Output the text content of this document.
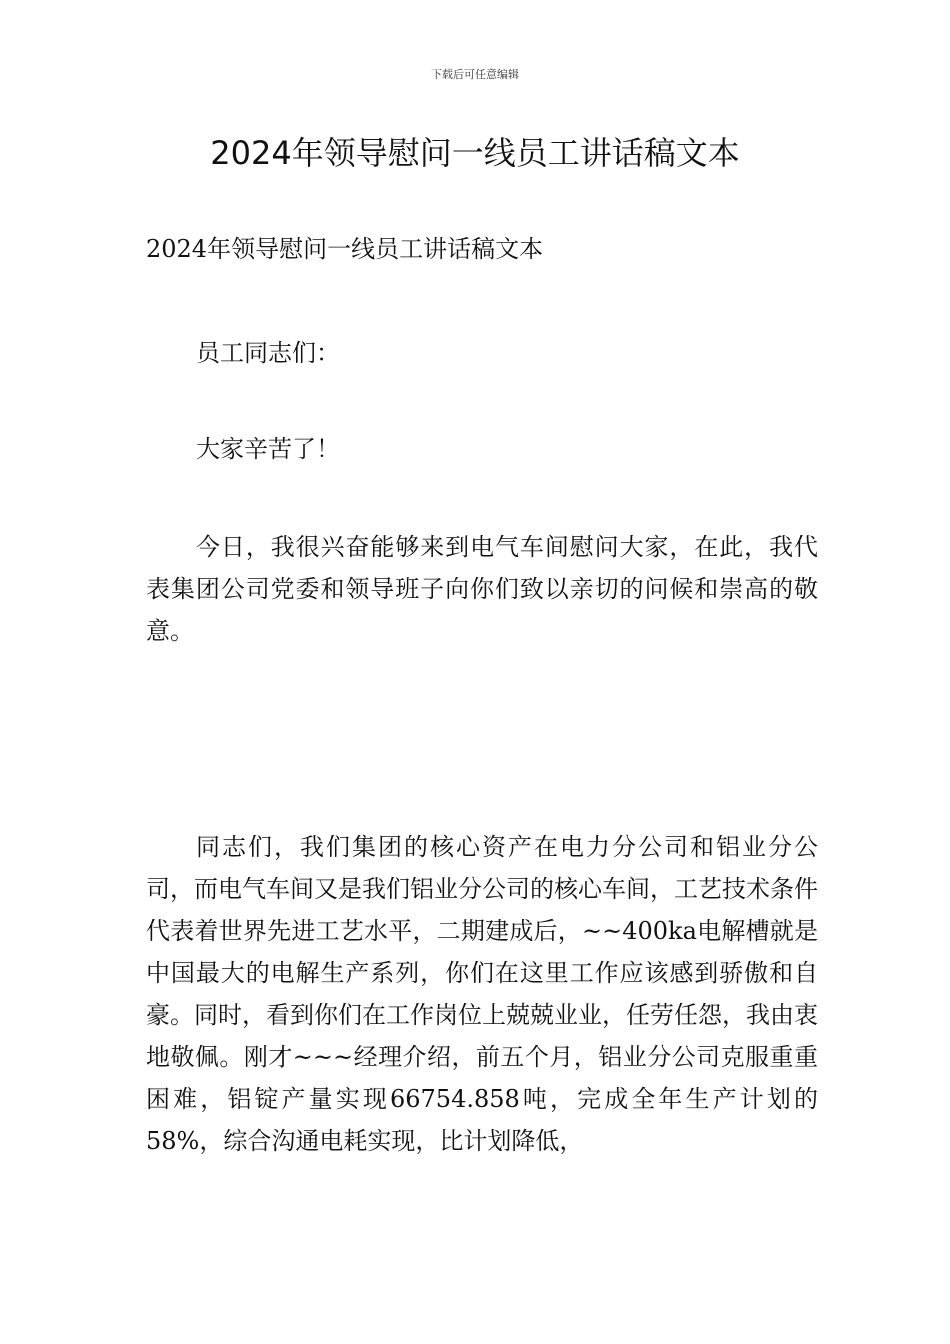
下载后可任意编辑
2024年领导慰问一线员工讲话稿文本

2024年领导慰问一线员工讲话稿文本

员工同志们：

大家辛苦了！

今日，我很兴奋能够来到电气车间慰问大家，在此，我代表集团公司党委和领导班子向你们致以亲切的问候和崇高的敬意。

同志们，我们集团的核心资产在电力分公司和铝业分公司，而电气车间又是我们铝业分公司的核心车间，工艺技术条件代表着世界先进工艺水平，二期建成后，~~400ka电解槽就是中国最大的电解生产系列，你们在这里工作应该感到骄傲和自豪。同时，看到你们在工作岗位上兢兢业业，任劳任怨，我由衷地敬佩。刚才~~~经理介绍，前五个月，铝业分公司克服重重困难，铝锭产量实现66754.858吨，完成全年生产计划的58%，综合沟通电耗实现，比计划降低，
